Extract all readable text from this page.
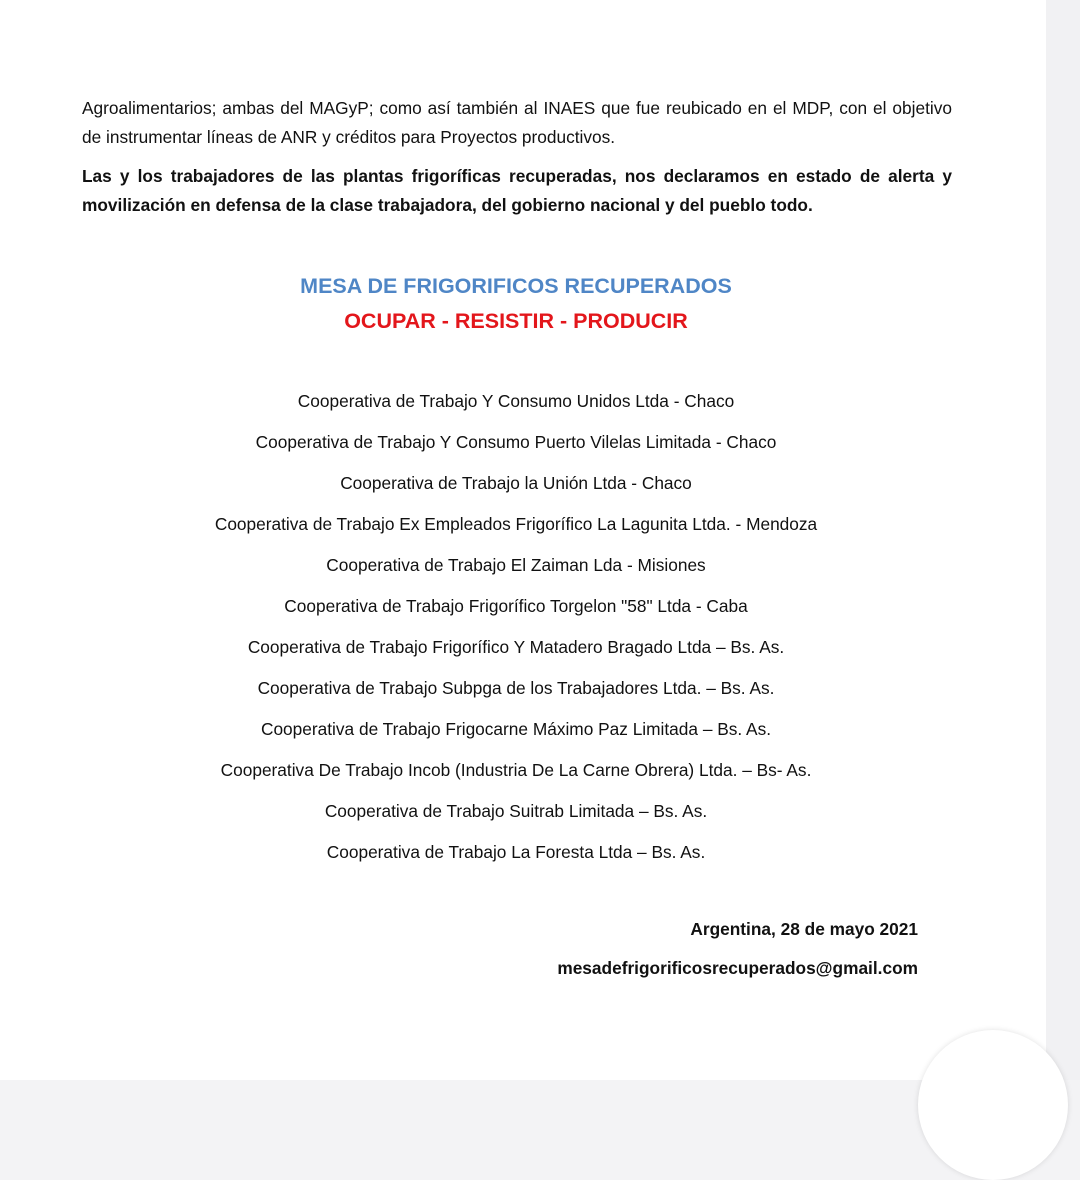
Agroalimentarios; ambas del MAGyP; como así también al INAES que fue reubicado en el MDP, con el objetivo de instrumentar líneas de ANR y créditos para Proyectos productivos.

Las y los trabajadores de las plantas frigoríficas recuperadas, nos declaramos en estado de alerta y movilización en defensa de la clase trabajadora, del gobierno nacional y del pueblo todo.

MESA DE FRIGORIFICOS RECUPERADOS
OCUPAR - RESISTIR - PRODUCIR
Cooperativa de Trabajo Y Consumo Unidos Ltda - Chaco
Cooperativa de Trabajo Y Consumo Puerto Vilelas Limitada - Chaco
Cooperativa de Trabajo la Unión Ltda - Chaco
Cooperativa de Trabajo Ex Empleados Frigorífico La Lagunita Ltda. - Mendoza
Cooperativa de Trabajo El Zaiman Lda - Misiones
Cooperativa de Trabajo Frigorífico Torgelon "58" Ltda - Caba
Cooperativa de Trabajo Frigorífico Y Matadero Bragado Ltda – Bs. As.
Cooperativa de Trabajo Subpga de los Trabajadores Ltda. – Bs. As.
Cooperativa de Trabajo Frigocarne Máximo Paz Limitada – Bs. As.
Cooperativa De Trabajo Incob (Industria De La Carne Obrera) Ltda. – Bs- As.
Cooperativa de Trabajo Suitrab Limitada – Bs. As.
Cooperativa de Trabajo La Foresta Ltda – Bs. As.

Argentina, 28 de mayo 2021

mesadefrigorificosrecuperados@gmail.com
